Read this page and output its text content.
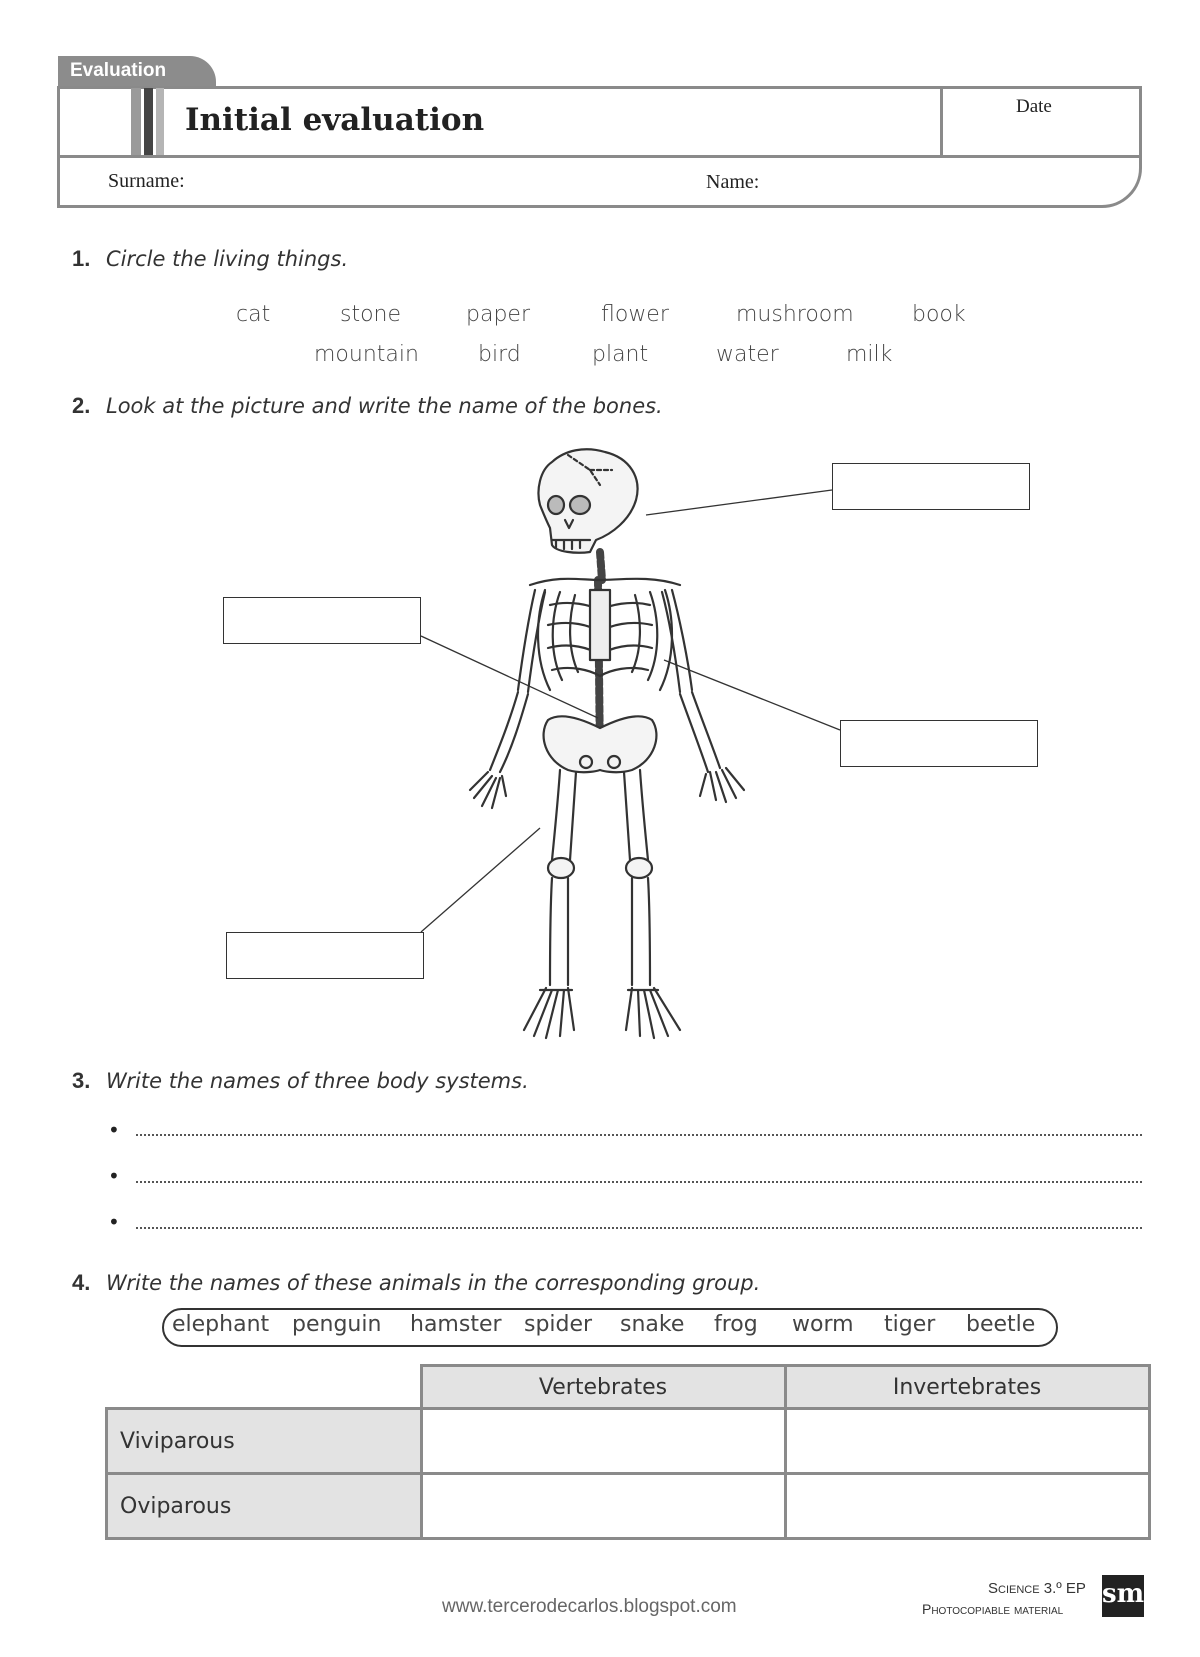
Evaluation
Initial evaluation	Date
Surname:	Name:
1. Circle the living things.
cat	stone	paper	flower	mushroom	book
mountain	bird	plant	water	milk
2. Look at the picture and write the name of the bones.
3. Write the names of three body systems.
•
•
•
4. Write the names of these animals in the corresponding group.
elephant penguin hamster spider snake frog worm tiger beetle
	Vertebrates	Invertebrates
Viviparous		
Oviparous		
www.tercerodecarlos.blogspot.com
Science 3.º EP
Photocopiable material sm
